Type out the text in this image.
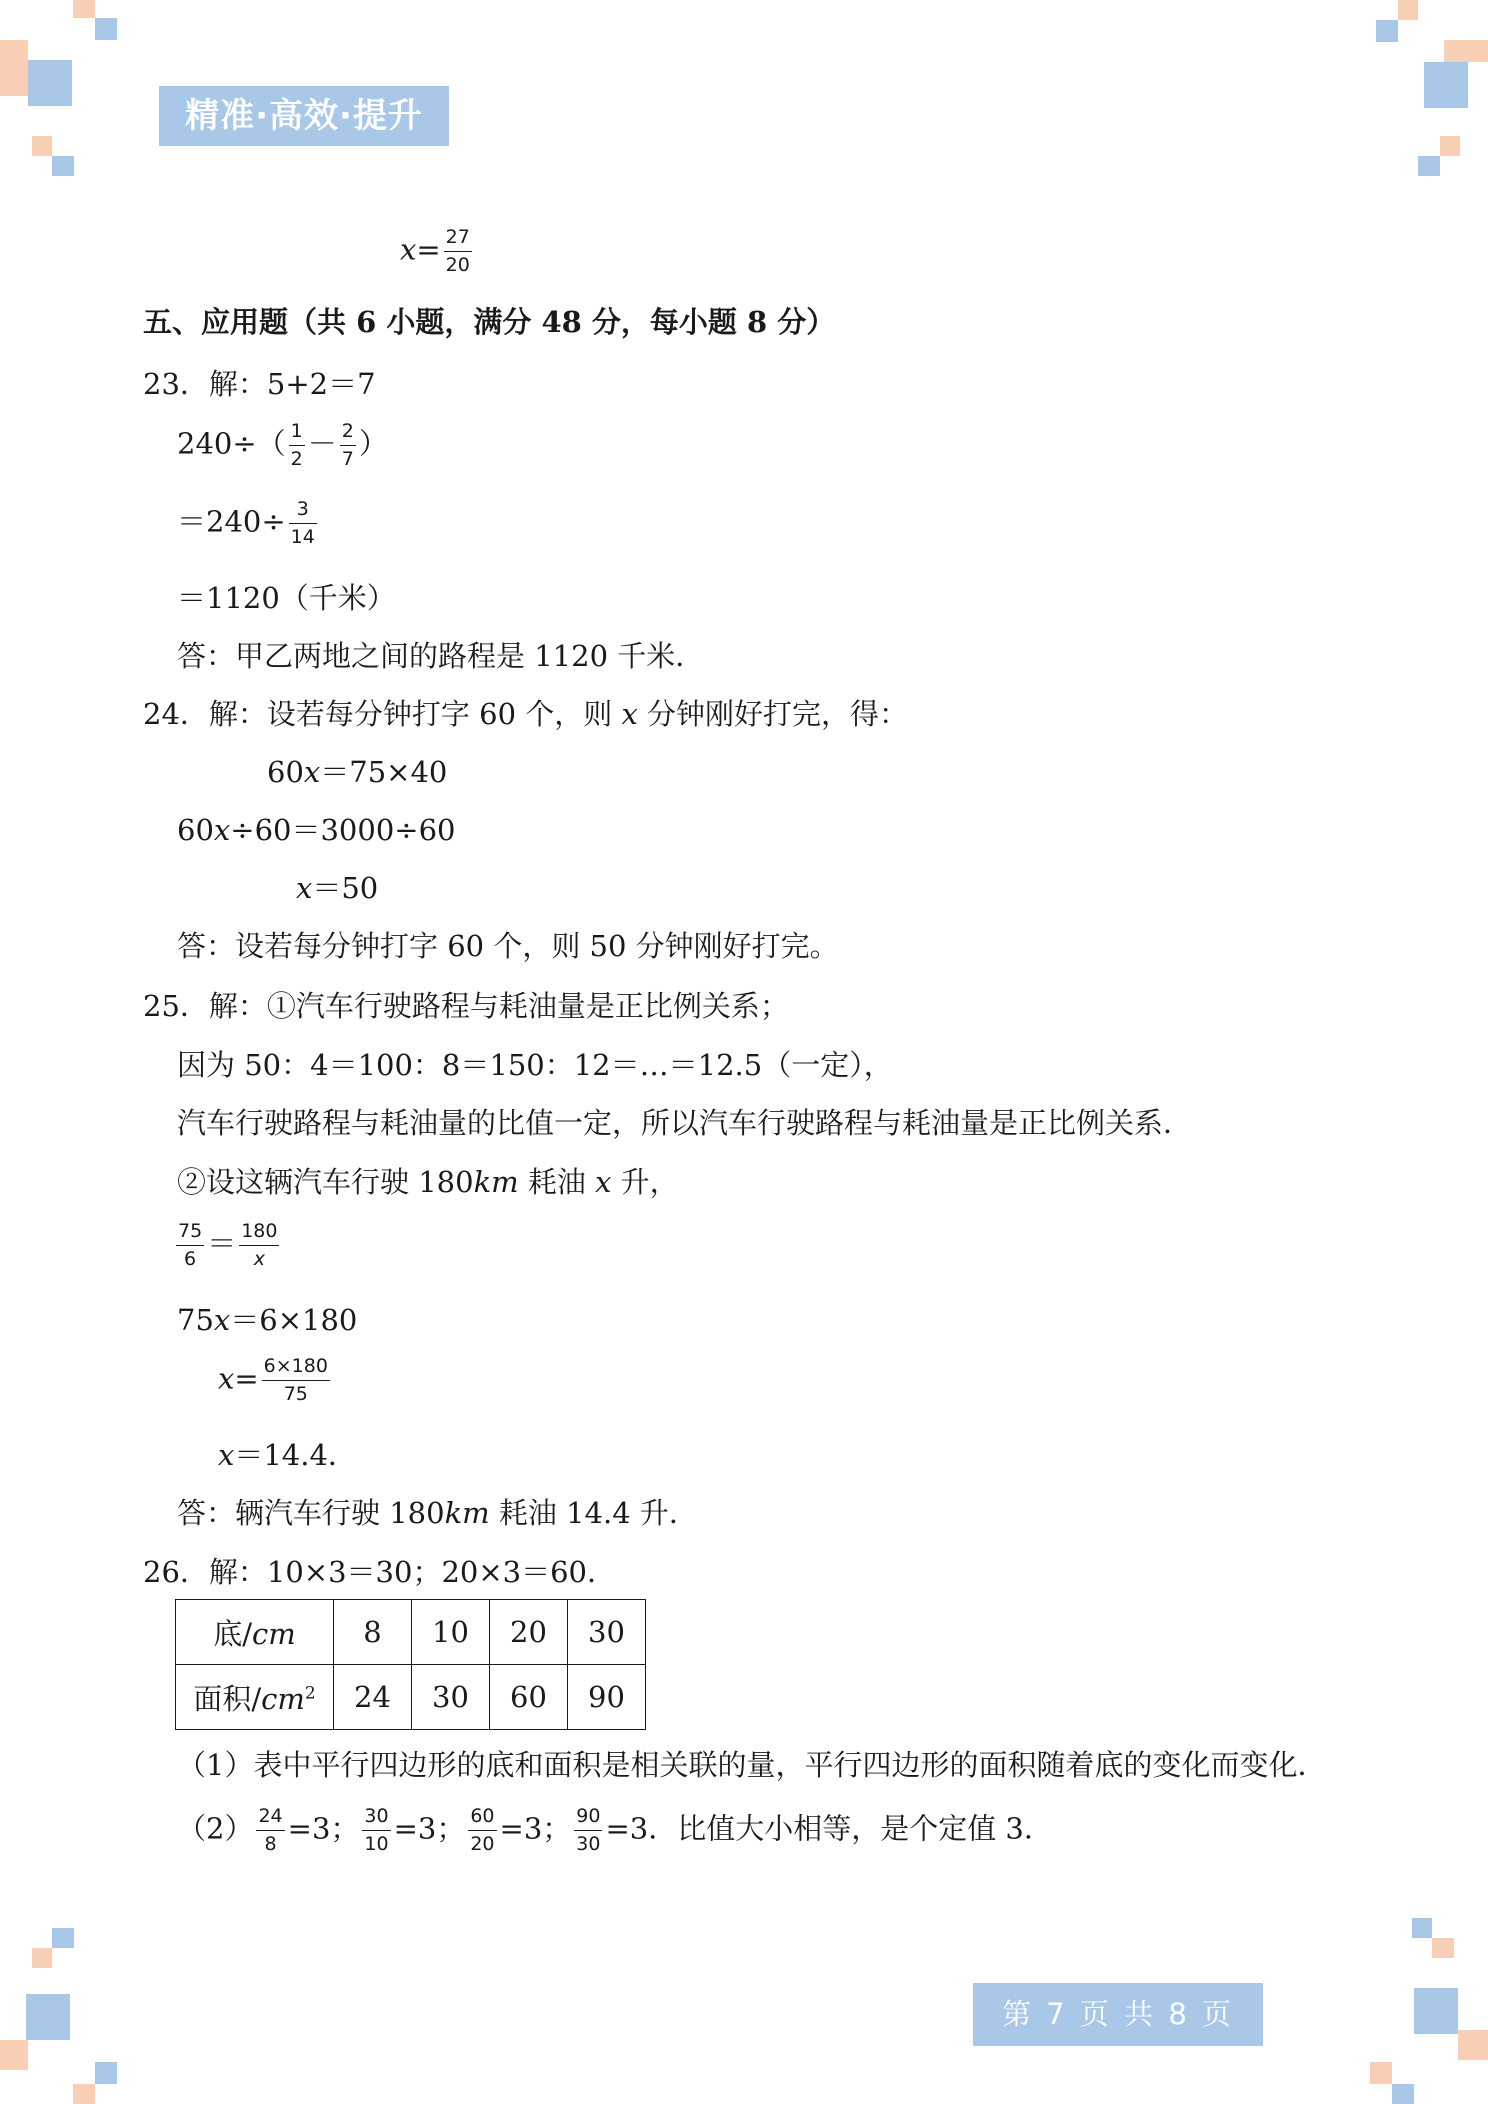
精准·高效·提升
$x= \frac{27}{20}$
五、应用题（共 6 小题，满分 48 分，每小题 8 分）
23．解：5+2＝7
$240\div( \frac{1}{2} - \frac{2}{7}$ ）
$=240\div \frac{3}{14}$
＝1120（千米）
答：甲乙两地之间的路程是 1120 千米．
24．解：设若每分钟打字 60 个，则 x 分钟刚好打完，得：
60x＝75×40
60x÷60＝3000÷60
x＝50
答：设若每分钟打字 60 个，则 50 分钟刚好打完。
25．解：①汽车行驶路程与耗油量是正比例关系；
因为 50：4＝100：8＝150：12＝…＝12.5（一定），
汽车行驶路程与耗油量的比值一定，所以汽车行驶路程与耗油量是正比例关系．
②设这辆汽车行驶 180km 耗油 x 升，
$\frac{75}{6} = \frac{180}{x}$
75x＝6×180
$x= \frac{6\times 180}{75}$
x＝14.4．
答：辆汽车行驶 180km 耗油 14.4 升．
26．解：10×3＝30；20×3＝60．
底/cm	8	10	20	30
面积$/cm^2$	24	30	60	90
（1）表中平行四边形的底和面积是相关联的量，平行四边形的面积随着底的变化而变化．
$(2) \frac{24}{8} =3$； $\frac{30}{10} =3$； $\frac{60}{20} =3$； $\frac{90}{30} =3$．比值大小相等，是个定值 3．
第 7 页 共 8 页
